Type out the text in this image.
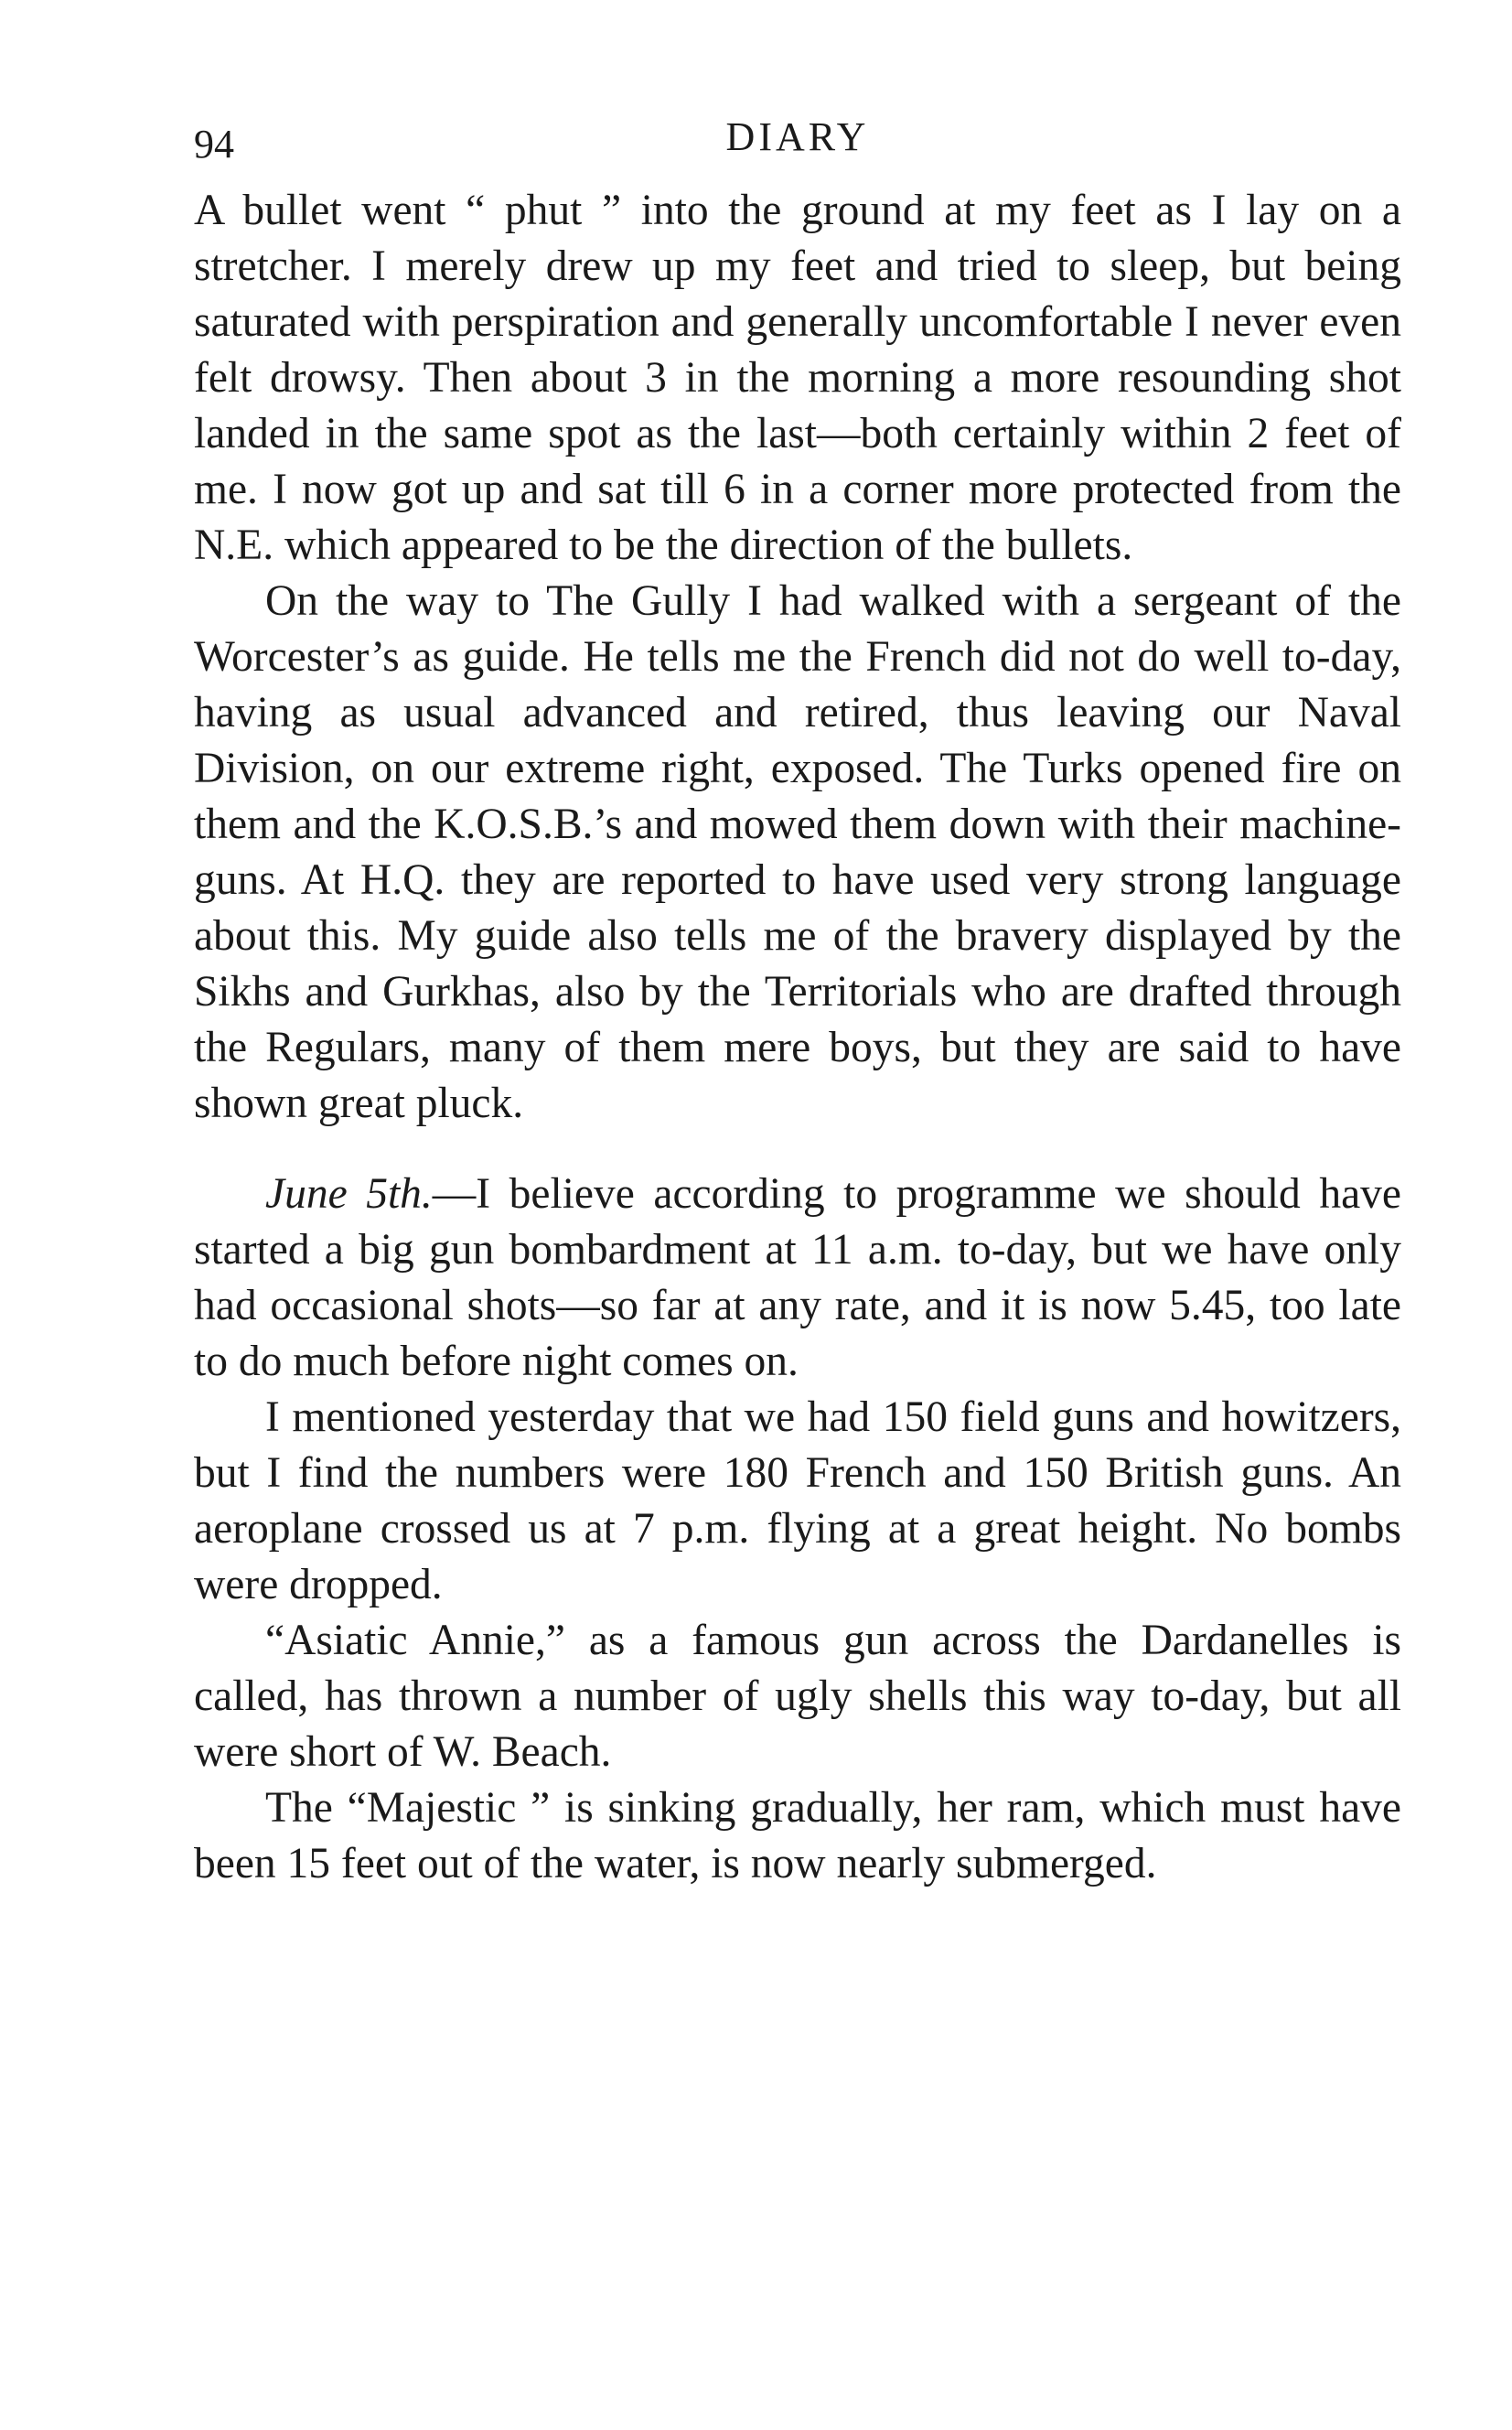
94	DIARY

A bullet went “ phut ” into the ground at my feet as I lay on a stretcher. I merely drew up my feet and tried to sleep, but being saturated with perspiration and generally uncomfortable I never even felt drowsy. Then about 3 in the morning a more resounding shot landed in the same spot as the last—both certainly within 2 feet of me. I now got up and sat till 6 in a corner more protected from the N.E. which appeared to be the direction of the bullets.

On the way to The Gully I had walked with a sergeant of the Worcester’s as guide. He tells me the French did not do well to-day, having as usual advanced and retired, thus leaving our Naval Division, on our extreme right, exposed. The Turks opened fire on them and the K.O.S.B.’s and mowed them down with their machine-guns. At H.Q. they are reported to have used very strong language about this. My guide also tells me of the bravery displayed by the Sikhs and Gurkhas, also by the Territorials who are drafted through the Regulars, many of them mere boys, but they are said to have shown great pluck.

June 5th.—I believe according to programme we should have started a big gun bombardment at 11 a.m. to-day, but we have only had occasional shots—so far at any rate, and it is now 5.45, too late to do much before night comes on.

I mentioned yesterday that we had 150 field guns and howitzers, but I find the numbers were 180 French and 150 British guns. An aeroplane crossed us at 7 p.m. flying at a great height. No bombs were dropped.

“Asiatic Annie,” as a famous gun across the Dardanelles is called, has thrown a number of ugly shells this way to-day, but all were short of W. Beach.

The “Majestic ” is sinking gradually, her ram, which must have been 15 feet out of the water, is now nearly submerged.
